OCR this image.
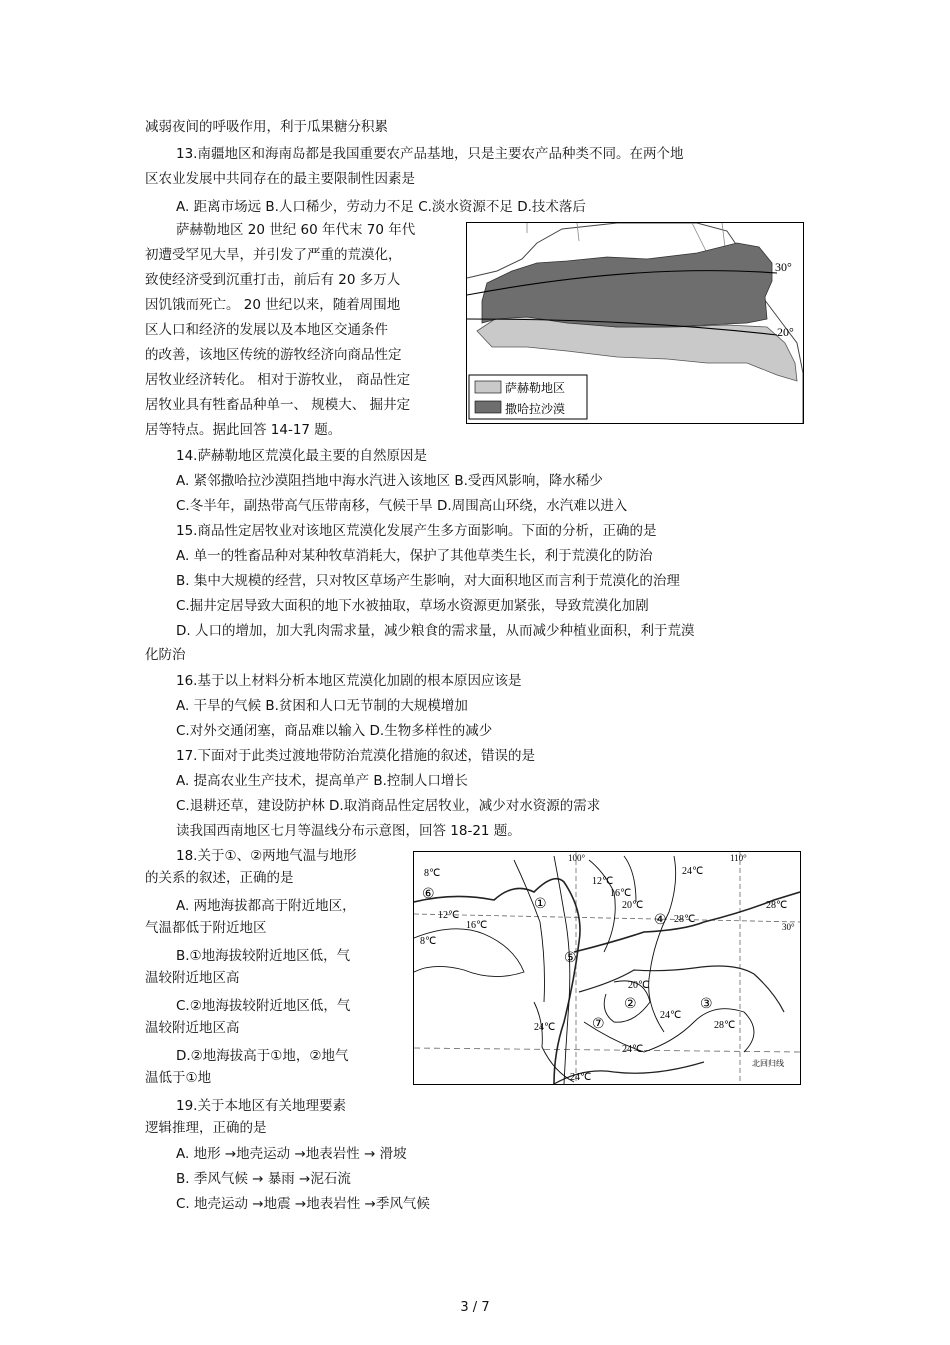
减弱夜间的呼吸作用，利于瓜果糖分积累
13.南疆地区和海南岛都是我国重要农产品基地，只是主要农产品种类不同。在两个地
区农业发展中共同存在的最主要限制性因素是
A. 距离市场远 B.人口稀少，劳动力不足 C.淡水资源不足 D.技术落后
萨赫勒地区 20 世纪 60 年代末 70 年代
初遭受罕见大旱，并引发了严重的荒漠化，
致使经济受到沉重打击，前后有 20 多万人
因饥饿而死亡。 20 世纪以来，随着周围地
区人口和经济的发展以及本地区交通条件
的改善，该地区传统的游牧经济向商品性定
居牧业经济转化。 相对于游牧业， 商品性定
居牧业具有牲畜品种单一、 规模大、 掘井定
居等特点。据此回答 14-17 题。
14.萨赫勒地区荒漠化最主要的自然原因是
A. 紧邻撒哈拉沙漠阻挡地中海水汽进入该地区 B.受西风影响，降水稀少
C.冬半年，副热带高气压带南移，气候干旱 D.周围高山环绕，水汽难以进入
15.商品性定居牧业对该地区荒漠化发展产生多方面影响。下面的分析，正确的是
A. 单一的牲畜品种对某种牧草消耗大，保护了其他草类生长，利于荒漠化的防治
B. 集中大规模的经营，只对牧区草场产生影响，对大面积地区而言利于荒漠化的治理
C.掘井定居导致大面积的地下水被抽取，草场水资源更加紧张，导致荒漠化加剧
D. 人口的增加，加大乳肉需求量，减少粮食的需求量，从而减少种植业面积，利于荒漠
化防治
16.基于以上材料分析本地区荒漠化加剧的根本原因应该是
A. 干旱的气候 B.贫困和人口无节制的大规模增加
C.对外交通闭塞，商品难以输入 D.生物多样性的减少
17.下面对于此类过渡地带防治荒漠化措施的叙述，错误的是
A. 提高农业生产技术，提高单产 B.控制人口增长
C.退耕还草，建设防护林 D.取消商品性定居牧业，减少对水资源的需求
读我国西南地区七月等温线分布示意图，回答 18-21 题。
18.关于①、②两地气温与地形
的关系的叙述，正确的是
A. 两地海拔都高于附近地区，
气温都低于附近地区
B.①地海拔较附近地区低，气
温较附近地区高
C.②地海拔较附近地区低，气
温较附近地区高
D.②地海拔高于①地，②地气
温低于①地
19.关于本地区有关地理要素
逻辑推理，正确的是
A. 地形 →地壳运动 →地表岩性 → 滑坡
B. 季风气候 → 暴雨 →泥石流
C. 地壳运动 →地震 →地表岩性 →季风气候
30°
20°
萨赫勒地区
撒哈拉沙漠
100°	110°
30°
北回归线
8℃
12℃
16℃
20℃
24℃
12℃
16℃
8℃
28℃
28℃
20℃
24℃
28℃
24℃
24℃
24℃
①
②	③
④
⑤
⑥
⑦
3 / 7
